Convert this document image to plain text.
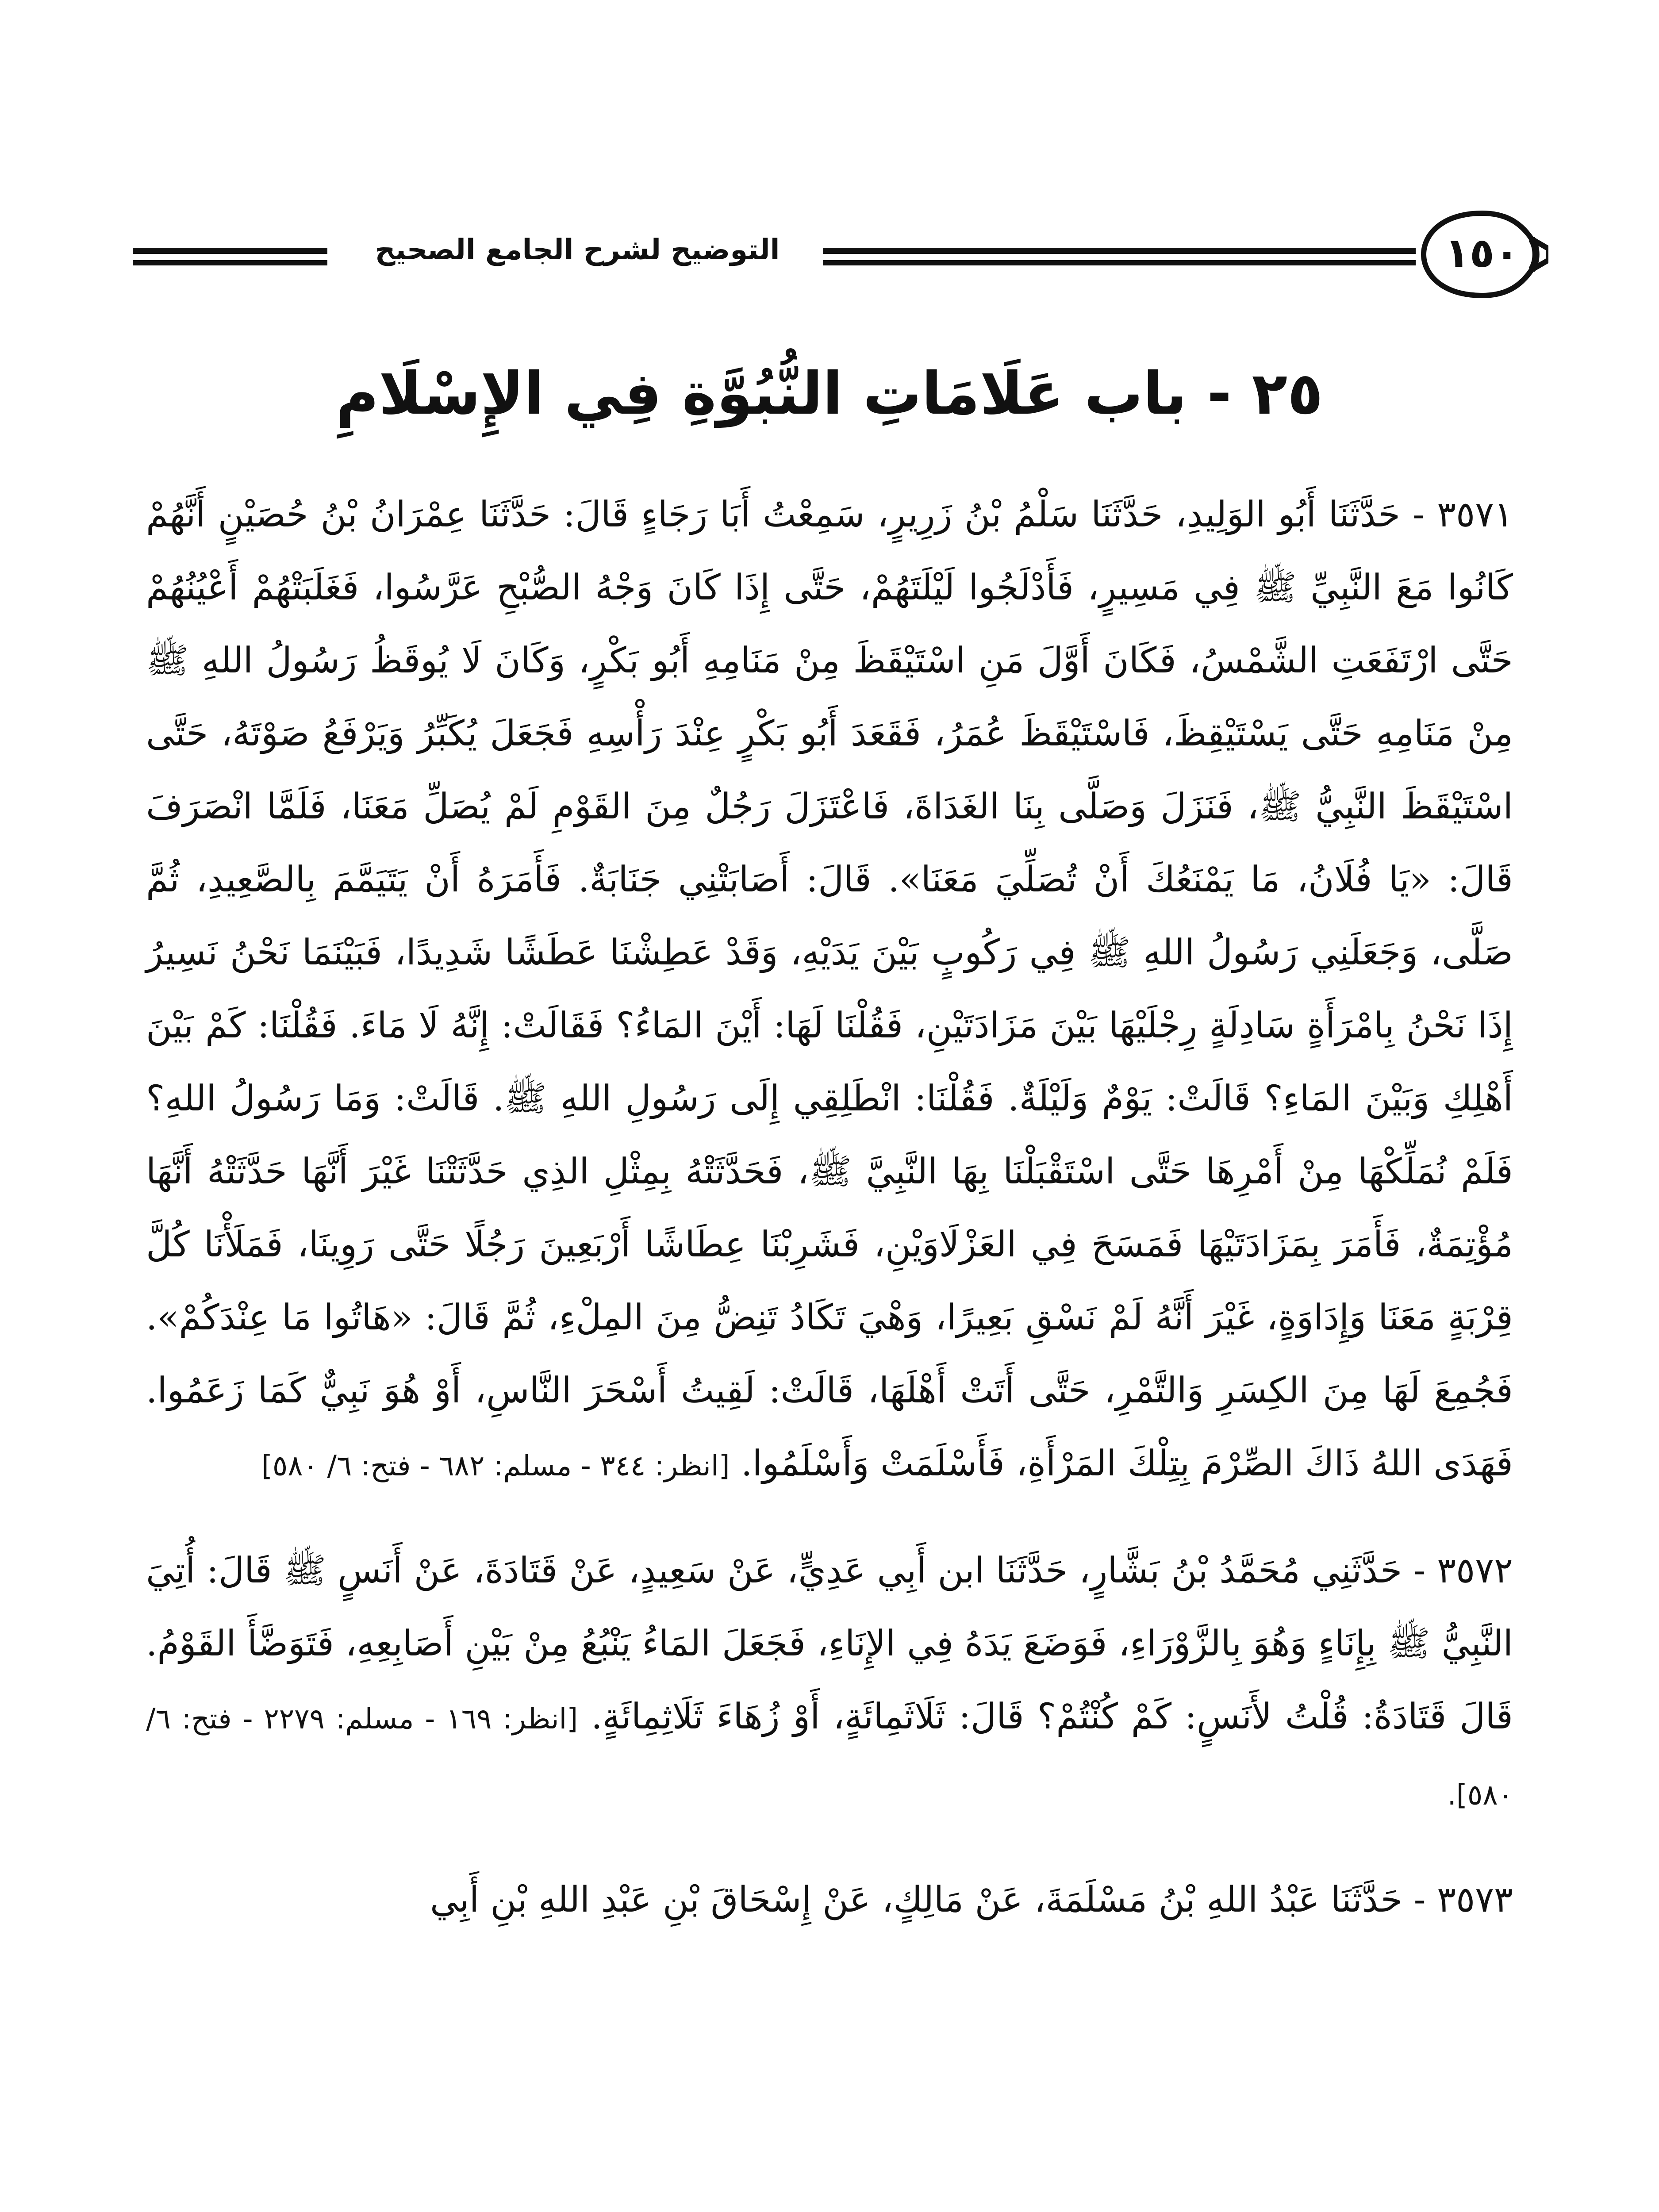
التوضيح لشرح الجامع الصحيح	١٥٠
٢٥ - باب عَلَامَاتِ النُّبُوَّةِ فِي الإِسْلَامِ

٣٥٧١ - حَدَّثَنَا أَبُو الوَلِيدِ، حَدَّثَنَا سَلْمُ بْنُ زَرِيرٍ، سَمِعْتُ أَبَا رَجَاءٍ قَالَ: حَدَّثَنَا عِمْرَانُ بْنُ حُصَيْنٍ أَنَّهُمْ كَانُوا مَعَ النَّبِيِّ ﷺ فِي مَسِيرٍ، فَأَدْلَجُوا لَيْلَتَهُمْ، حَتَّى إِذَا كَانَ وَجْهُ الصُّبْحِ عَرَّسُوا، فَغَلَبَتْهُمْ أَعْيُنُهُمْ حَتَّى ارْتَفَعَتِ الشَّمْسُ، فَكَانَ أَوَّلَ مَنِ اسْتَيْقَظَ مِنْ مَنَامِهِ أَبُو بَكْرٍ، وَكَانَ لَا يُوقَظُ رَسُولُ اللهِ ﷺ مِنْ مَنَامِهِ حَتَّى يَسْتَيْقِظَ، فَاسْتَيْقَظَ عُمَرُ، فَقَعَدَ أَبُو بَكْرٍ عِنْدَ رَأْسِهِ فَجَعَلَ يُكَبِّرُ وَيَرْفَعُ صَوْتَهُ، حَتَّى اسْتَيْقَظَ النَّبِيُّ ﷺ، فَنَزَلَ وَصَلَّى بِنَا الغَدَاةَ، فَاعْتَزَلَ رَجُلٌ مِنَ القَوْمِ لَمْ يُصَلِّ مَعَنَا، فَلَمَّا انْصَرَفَ قَالَ: «يَا فُلَانُ، مَا يَمْنَعُكَ أَنْ تُصَلِّيَ مَعَنَا». قَالَ: أَصَابَتْنِي جَنَابَةٌ. فَأَمَرَهُ أَنْ يَتَيَمَّمَ بِالصَّعِيدِ، ثُمَّ صَلَّى، وَجَعَلَنِي رَسُولُ اللهِ ﷺ فِي رَكُوبٍ بَيْنَ يَدَيْهِ، وَقَدْ عَطِشْنَا عَطَشًا شَدِيدًا، فَبَيْنَمَا نَحْنُ نَسِيرُ إِذَا نَحْنُ بِامْرَأَةٍ سَادِلَةٍ رِجْلَيْهَا بَيْنَ مَزَادَتَيْنِ، فَقُلْنَا لَهَا: أَيْنَ المَاءُ؟ فَقَالَتْ: إِنَّهُ لَا مَاءَ. فَقُلْنَا: كَمْ بَيْنَ أَهْلِكِ وَبَيْنَ المَاءِ؟ قَالَتْ: يَوْمٌ وَلَيْلَةٌ. فَقُلْنَا: انْطَلِقِي إِلَى رَسُولِ اللهِ ﷺ. قَالَتْ: وَمَا رَسُولُ اللهِ؟ فَلَمْ نُمَلِّكْهَا مِنْ أَمْرِهَا حَتَّى اسْتَقْبَلْنَا بِهَا النَّبِيَّ ﷺ، فَحَدَّثَتْهُ بِمِثْلِ الذِي حَدَّثَتْنَا غَيْرَ أَنَّهَا حَدَّثَتْهُ أَنَّهَا مُؤْتِمَةٌ، فَأَمَرَ بِمَزَادَتَيْهَا فَمَسَحَ فِي العَزْلَاوَيْنِ، فَشَرِبْنَا عِطَاشًا أَرْبَعِينَ رَجُلًا حَتَّى رَوِينَا، فَمَلَأْنَا كُلَّ قِرْبَةٍ مَعَنَا وَإِدَاوَةٍ، غَيْرَ أَنَّهُ لَمْ نَسْقِ بَعِيرًا، وَهْيَ تَكَادُ تَنِضُّ مِنَ المِلْءِ، ثُمَّ قَالَ: «هَاتُوا مَا عِنْدَكُمْ». فَجُمِعَ لَهَا مِنَ الكِسَرِ وَالتَّمْرِ، حَتَّى أَتَتْ أَهْلَهَا، قَالَتْ: لَقِيتُ أَسْحَرَ النَّاسِ، أَوْ هُوَ نَبِيٌّ كَمَا زَعَمُوا. فَهَدَى اللهُ ذَاكَ الصِّرْمَ بِتِلْكَ المَرْأَةِ، فَأَسْلَمَتْ وَأَسْلَمُوا. [انظر: ٣٤٤ - مسلم: ٦٨٢ - فتح: ٦/ ٥٨٠]

٣٥٧٢ - حَدَّثَنِي مُحَمَّدُ بْنُ بَشَّارٍ، حَدَّثَنَا ابن أَبِي عَدِيٍّ، عَنْ سَعِيدٍ، عَنْ قَتَادَةَ، عَنْ أَنَسٍ ﷺ قَالَ: أُتِيَ النَّبِيُّ ﷺ بِإِنَاءٍ وَهُوَ بِالزَّوْرَاءِ، فَوَضَعَ يَدَهُ فِي الإِنَاءِ، فَجَعَلَ المَاءُ يَنْبُعُ مِنْ بَيْنِ أَصَابِعِهِ، فَتَوَضَّأَ القَوْمُ. قَالَ قَتَادَةُ: قُلْتُ لأَنَسٍ: كَمْ كُنْتُمْ؟ قَالَ: ثَلَاثَمِائَةٍ، أَوْ زُهَاءَ ثَلَاثِمِائَةٍ. [انظر: ١٦٩ - مسلم: ٢٢٧٩ - فتح: ٦/ ٥٨٠].

٣٥٧٣ - حَدَّثَنَا عَبْدُ اللهِ بْنُ مَسْلَمَةَ، عَنْ مَالِكٍ، عَنْ إِسْحَاقَ بْنِ عَبْدِ اللهِ بْنِ أَبِي
